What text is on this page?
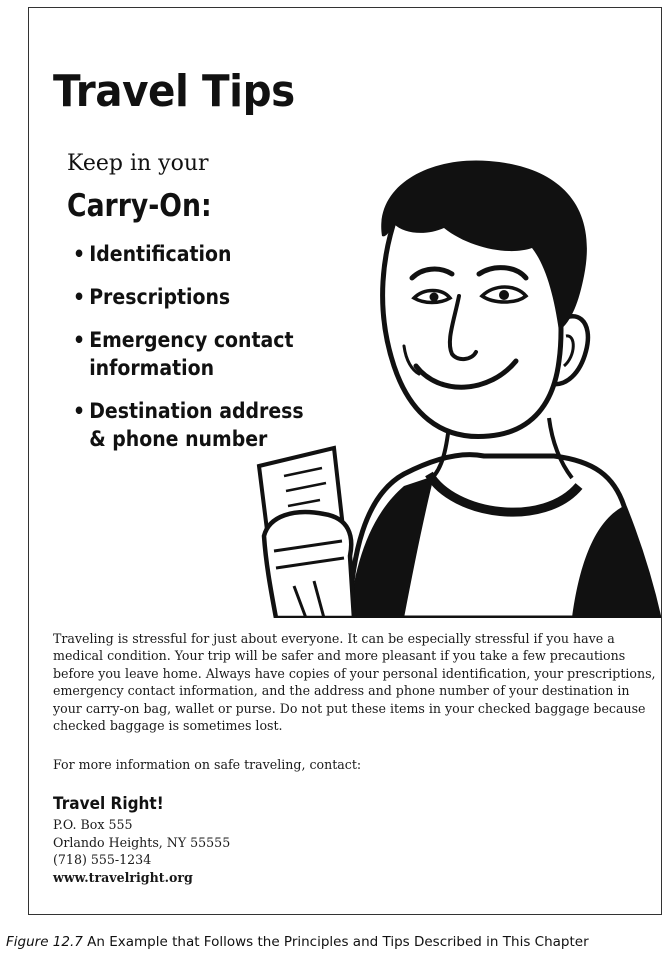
Travel Tips
Keep in your
Carry-On:
• Identification
• Prescriptions
• Emergency contact information
• Destination address & phone number

Traveling is stressful for just about everyone. It can be especially stressful if you have a medical condition. Your trip will be safer and more pleasant if you take a few precautions before you leave home. Always have copies of your personal identification, your prescriptions, emergency contact information, and the address and phone number of your destination in your carry-on bag, wallet or purse. Do not put these items in your checked baggage because checked baggage is sometimes lost.

For more information on safe traveling, contact:

Travel Right!

P.O. Box 555
Orlando Heights, NY 55555
(718) 555-1234
www.travelright.org

Figure 12.7 An Example that Follows the Principles and Tips Described in This Chapter
